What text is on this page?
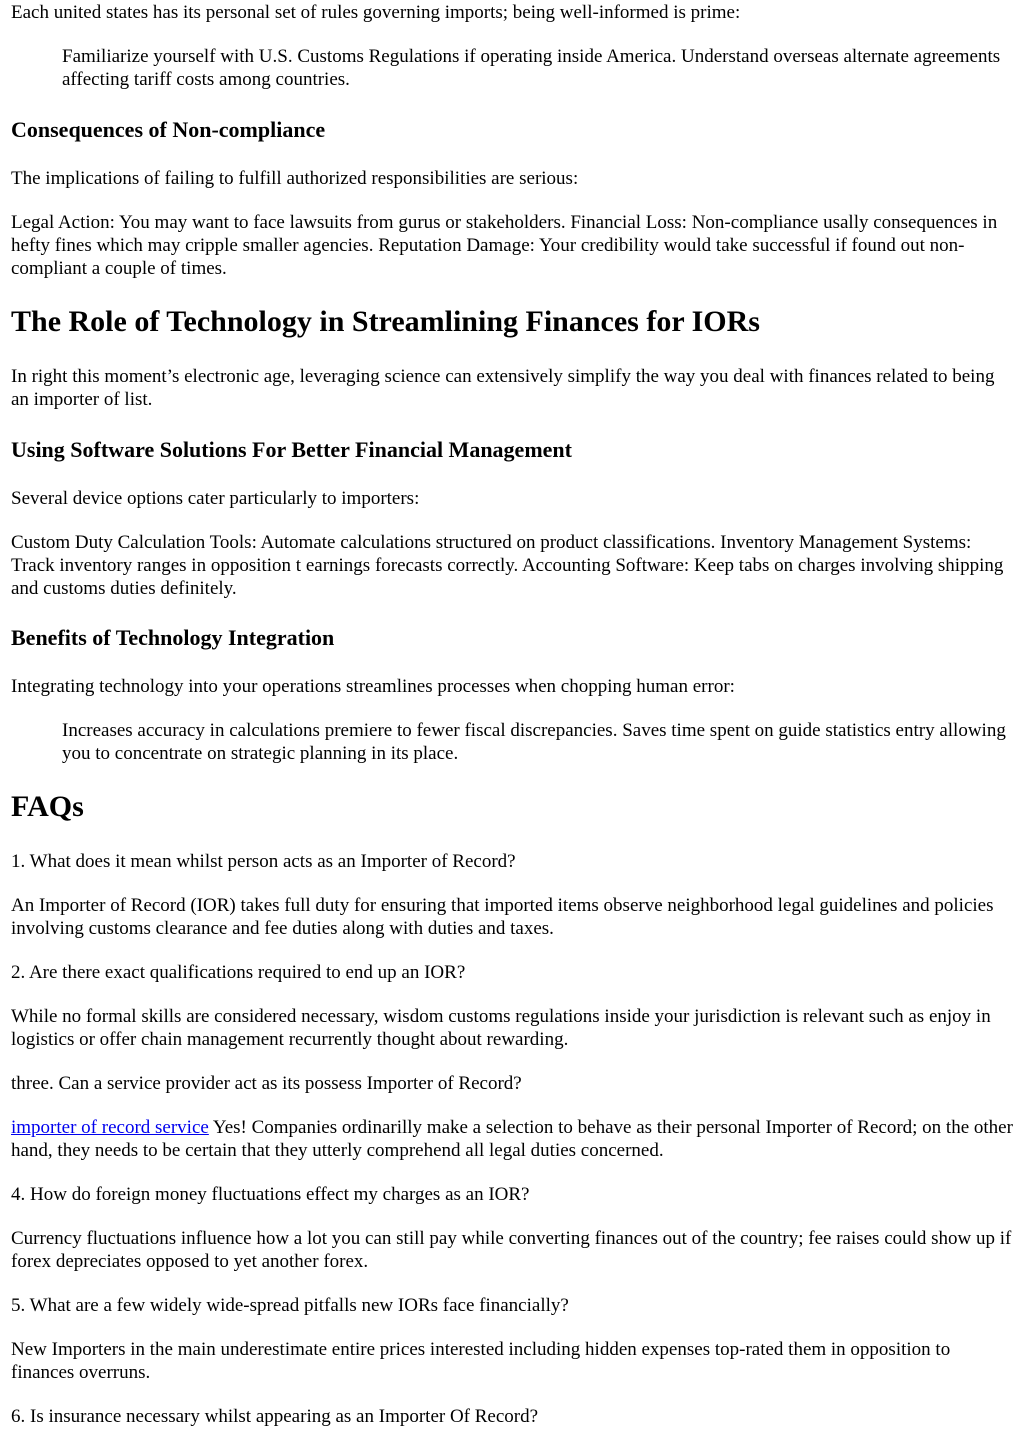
Each united states has its personal set of rules governing imports; being well-informed is prime:

Familiarize yourself with U.S. Customs Regulations if operating inside America. Understand overseas alternate agreements affecting tariff costs among countries.

Consequences of Non-compliance

The implications of failing to fulfill authorized responsibilities are serious:

Legal Action: You may want to face lawsuits from gurus or stakeholders. Financial Loss: Non-compliance usally consequences in hefty fines which may cripple smaller agencies. Reputation Damage: Your credibility would take successful if found out non-compliant a couple of times.

The Role of Technology in Streamlining Finances for IORs

In right this moment’s electronic age, leveraging science can extensively simplify the way you deal with finances related to being an importer of list.

Using Software Solutions For Better Financial Management

Several device options cater particularly to importers:

Custom Duty Calculation Tools: Automate calculations structured on product classifications. Inventory Management Systems: Track inventory ranges in opposition t earnings forecasts correctly. Accounting Software: Keep tabs on charges involving shipping and customs duties definitely.

Benefits of Technology Integration

Integrating technology into your operations streamlines processes when chopping human error:

Increases accuracy in calculations premiere to fewer fiscal discrepancies. Saves time spent on guide statistics entry allowing you to concentrate on strategic planning in its place.

FAQs

1. What does it mean whilst person acts as an Importer of Record?

An Importer of Record (IOR) takes full duty for ensuring that imported items observe neighborhood legal guidelines and policies involving customs clearance and fee duties along with duties and taxes.

2. Are there exact qualifications required to end up an IOR?

While no formal skills are considered necessary, wisdom customs regulations inside your jurisdiction is relevant such as enjoy in logistics or offer chain management recurrently thought about rewarding.

three. Can a service provider act as its possess Importer of Record?

importer of record service Yes! Companies ordinarilly make a selection to behave as their personal Importer of Record; on the other hand, they needs to be certain that they utterly comprehend all legal duties concerned.

4. How do foreign money fluctuations effect my charges as an IOR?

Currency fluctuations influence how a lot you can still pay while converting finances out of the country; fee raises could show up if forex depreciates opposed to yet another forex.

5. What are a few widely wide-spread pitfalls new IORs face financially?

New Importers in the main underestimate entire prices interested including hidden expenses top-rated them in opposition to finances overruns.

6. Is insurance necessary whilst appearing as an Importer Of Record?
